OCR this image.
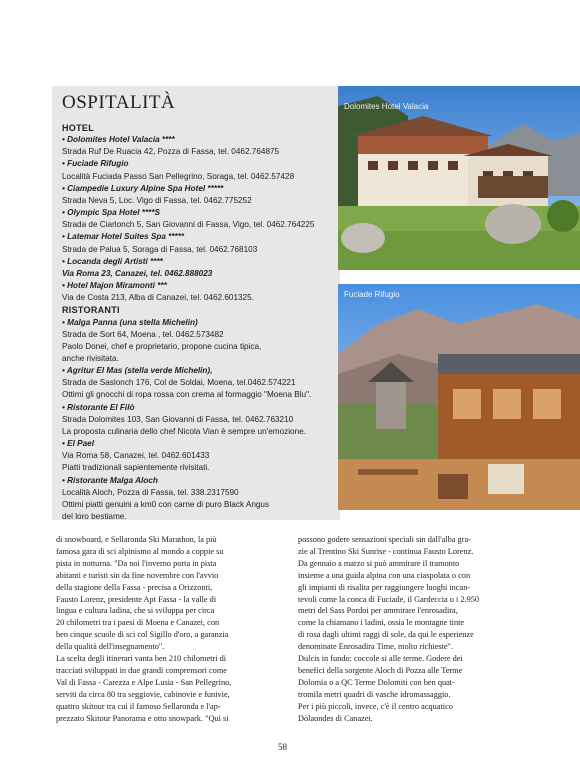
OSPITALITÀ
HOTEL
• Dolomites Hotel Valacia ****
Strada Ruf De Ruacia 42, Pozza di Fassa, tel. 0462.764875
• Fuciade Rifugio
Località Fuciada Passo San Pellegrino, Soraga, tel. 0462.57428
• Ciampedie Luxury Alpine Spa Hotel *****
Strada Neva 5, Loc. Vigo di Fassa, tel. 0462.775252
• Olympic Spa Hotel ****S
Strada de Ciarlonch 5, San Giovanni di Fassa, Vigo, tel. 0462.764225
• Latemar Hotel Suites Spa *****
Strada de Palua 5, Soraga di Fassa, tel. 0462.768103
• Locanda degli Artisti ****
Via Roma 23, Canazei, tel. 0462.888023
• Hotel Majon Miramonti ***
Via de Costa 213, Alba di Canazei, tel. 0462.601325.
RISTORANTI
• Malga Panna (una stella Michelin)
Strada de Sort 64, Moena , tel. 0462.573482
Paolo Donei, chef e proprietario, propone cucina tipica,
anche rivisitata.
• Agritur El Mas (stella verde Michelin),
Strada de Saslonch 176, Col de Soldai, Moena, tel.0462.574221
Ottimi gli gnocchi di ropa rossa con crema al formaggio "Moena Blu".
• Ristorante El Filò
Strada Dolomites 103, San Giovanni di Fassa, tel. 0462.763210
La proposta culinaria dello chef Nicola Vian è sempre un'emozione.
• El Pael
Via Roma 58, Canazei, tel. 0462.601433
Piatti tradizionali sapientemente rivisitati.
• Ristorante Malga Aloch
Località Aloch, Pozza di Fassa, tel. 338.2317590
Ottimi piatti genuini a km0 con carne di puro Black Angus
del loro bestiame.
Dolomites Hotel Valacia
Fuciade Rifugio

di snowboard, e Sellaronda Ski Marathon, la più

famosa gara di sci alpinismo al mondo a coppie su

pista in notturna. "Da noi l'inverno porta in pista

abitanti e turisti sin da fine novembre con l'avvio

della stagione della Fassa - precisa a Orizzonti,

Fausto Lorenz, presidente Apt Fassa - la valle di

lingua e cultura ladina, che si sviluppa per circa

20 chilometri tra i paesi di Moena e Canazei, con

ben cinque scuole di sci col Sigillo d'oro, a garanzia

della qualità dell'insegnamento".

La scelta degli itinerari vanta ben 210 chilometri di

tracciati sviluppati in due grandi comprensori come

Val di Fassa - Carezza e Alpe Lusia - San Pellegrino,

serviti da circa 80 tra seggiovie, cabinovie e funivie,

quattro skitour tra cui il famoso Sellaronda e l'ap-

prezzato Skitour Panorama e otto snowpark. "Qui si

possono godere sensazioni speciali sin dall'alba gra-

zie al Trentino Ski Sunrise - continua Fausto Lorenz.

Da gennaio a marzo si può ammirare il tramonto

insieme a una guida alpina con una ciaspolata o con

gli impianti di risalita per raggiungere luoghi incan-

tevoli come la conca di Fuciade, il Gardeccia o i 2.950

metri del Sass Pordoi per ammirare l'enrosadira,

come la chiamano i ladini, ossia le montagne tinte

di rosa dagli ultimi raggi di sole, da qui le esperienze

denominate Enrosadira Time, molto richieste".

Dulcis in fundo: coccole si alle terme. Godere dei

benefici della sorgente Aloch di Pozza alle Terme

Dolomia o a QC Terme Dolomiti con ben quat-

tromila metri quadri di vasche idromassaggio.

Per i più piccoli, invece, c'è il centro acquatico

Dòlaondes di Canazei.

58
